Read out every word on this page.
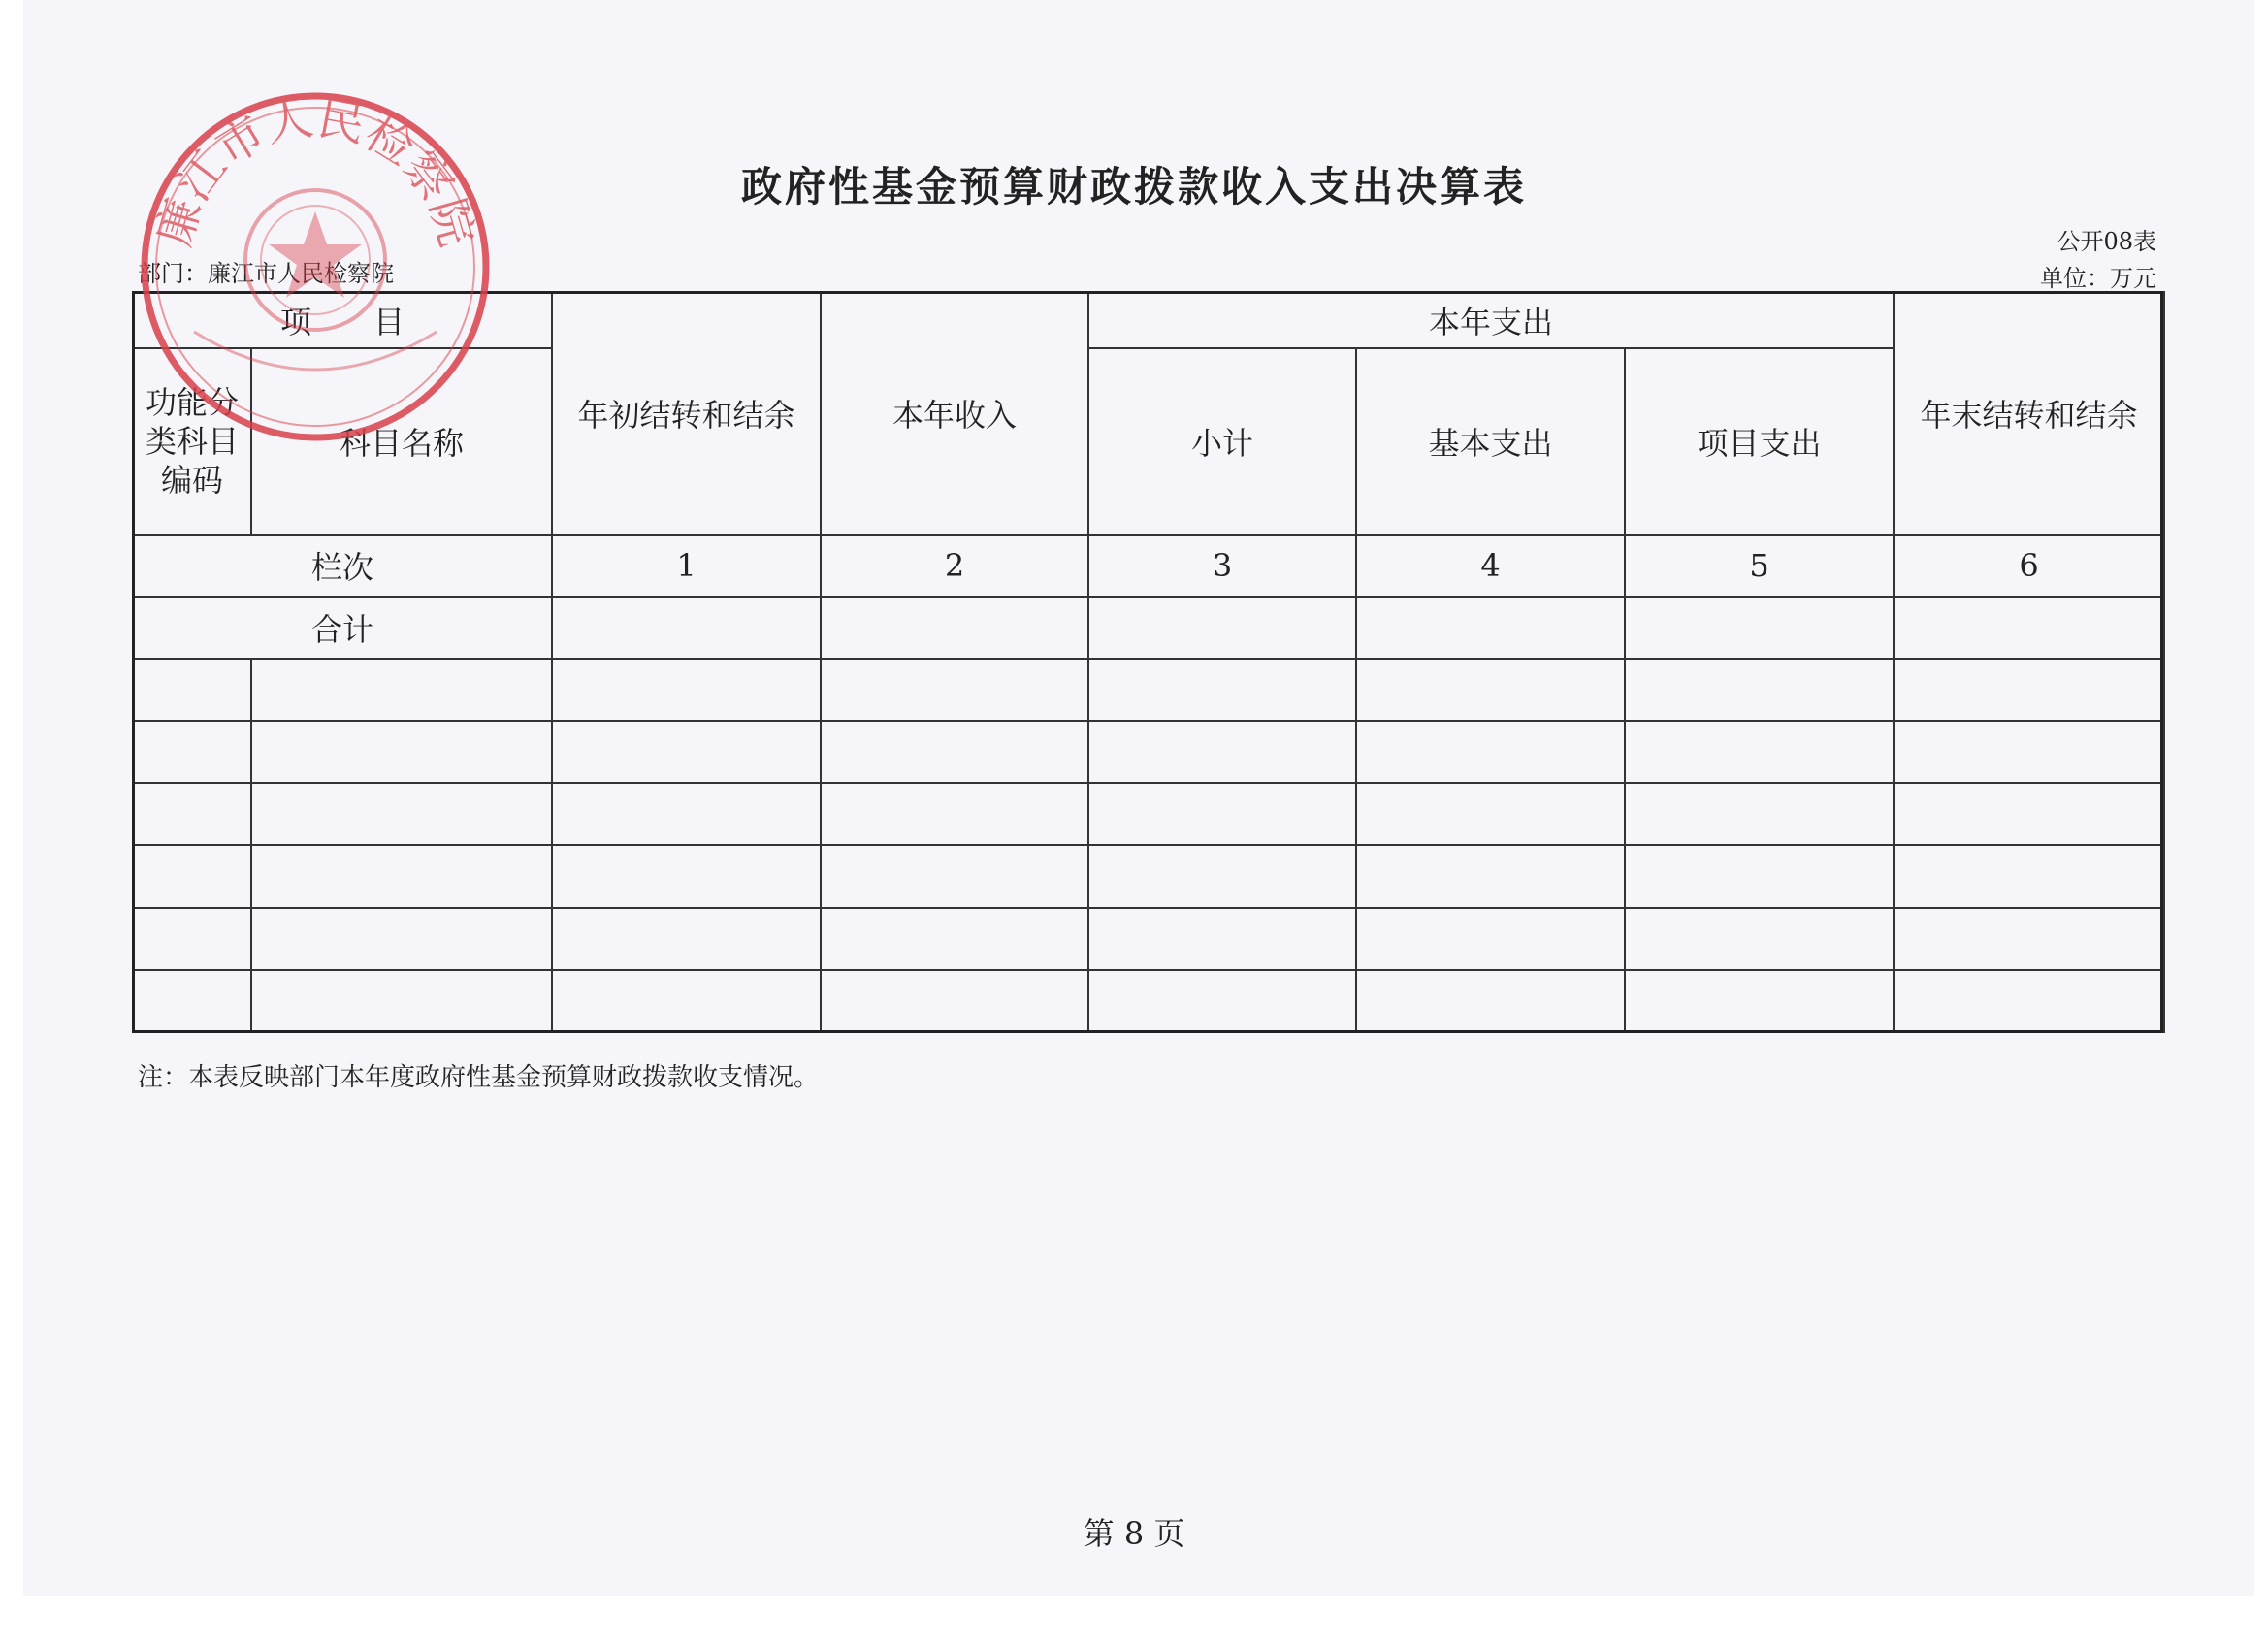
政府性基金预算财政拨款收入支出决算表
部门：廉江市人民检察院
公开08表
单位：万元
项　　目		年初结转和结余	本年收入	本年支出			年末结转和结余
功能分类科目编码	科目名称			小计	基本支出	项目支出	

栏次		1	2	3	4	5	6
合计							

注：本表反映部门本年度政府性基金预算财政拨款收支情况。
第 8 页
廉江市人民检察院
